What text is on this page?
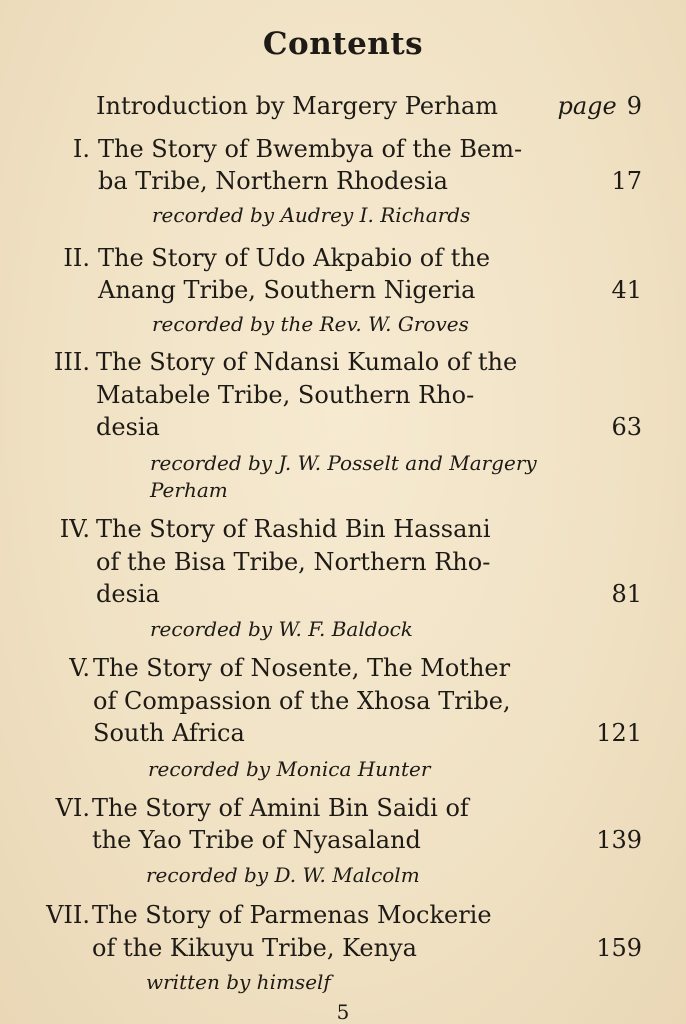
Contents
Introduction by Margery Perham page 9
I. The Story of Bwembya of the Bem-
ba Tribe, Northern Rhodesia	17
recorded by Audrey I. Richards
II. The Story of Udo Akpabio of the
Anang Tribe, Southern Nigeria	41
recorded by the Rev. W. Groves
III. The Story of Ndansi Kumalo of the
Matabele Tribe, Southern Rho-
desia	63
recorded by J. W. Posselt and Margery
Perham
IV. The Story of Rashid Bin Hassani
of the Bisa Tribe, Northern Rho-
desia	81
recorded by W. F. Baldock
V. The Story of Nosente, The Mother
of Compassion of the Xhosa Tribe,
South Africa	121
recorded by Monica Hunter
VI. The Story of Amini Bin Saidi of
the Yao Tribe of Nyasaland	139
recorded by D. W. Malcolm
VII. The Story of Parmenas Mockerie
of the Kikuyu Tribe, Kenya	159
written by himself
5
